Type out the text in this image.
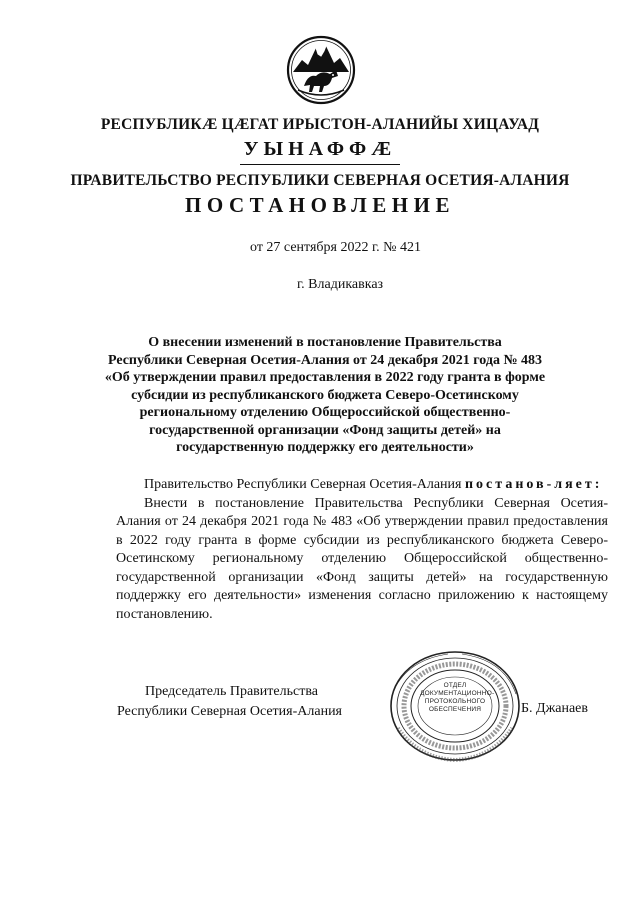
РЕСПУБЛИКÆ ЦÆГАТ ИРЫСТОН-АЛАНИЙЫ ХИЦАУАД
УЫНАФФÆ
ПРАВИТЕЛЬСТВО РЕСПУБЛИКИ СЕВЕРНАЯ ОСЕТИЯ-АЛАНИЯ
ПОСТАНОВЛЕНИЕ
от 27 сентября 2022 г. № 421
г. Владикавказ
О внесении изменений в постановление Правительства
Республики Северная Осетия-Алания от 24 декабря 2021 года № 483
«Об утверждении правил предоставления в 2022 году гранта в форме
субсидии из республиканского бюджета Северо-Осетинскому
региональному отделению Общероссийской общественно-
государственной организации «Фонд защиты детей» на
государственную поддержку его деятельности»

Правительство Республики Северная Осетия-Алания постанов-ляет:

Внести в постановление Правительства Республики Северная Осетия-Алания от 24 декабря 2021 года № 483 «Об утверждении правил предоставления в 2022 году гранта в форме субсидии из республиканского бюджета Северо-Осетинскому региональному отделению Общероссийской общественно-государственной организации «Фонд защиты детей» на государственную поддержку его деятельности» изменения согласно приложению к настоящему постановлению.

Председатель Правительства
Республики Северная Осетия-Алания
ОТДЕЛ
ДОКУМЕНТАЦИОННО-
ПРОТОКОЛЬНОГО
ОБЕСПЕЧЕНИЯ	Б. Джанаев
